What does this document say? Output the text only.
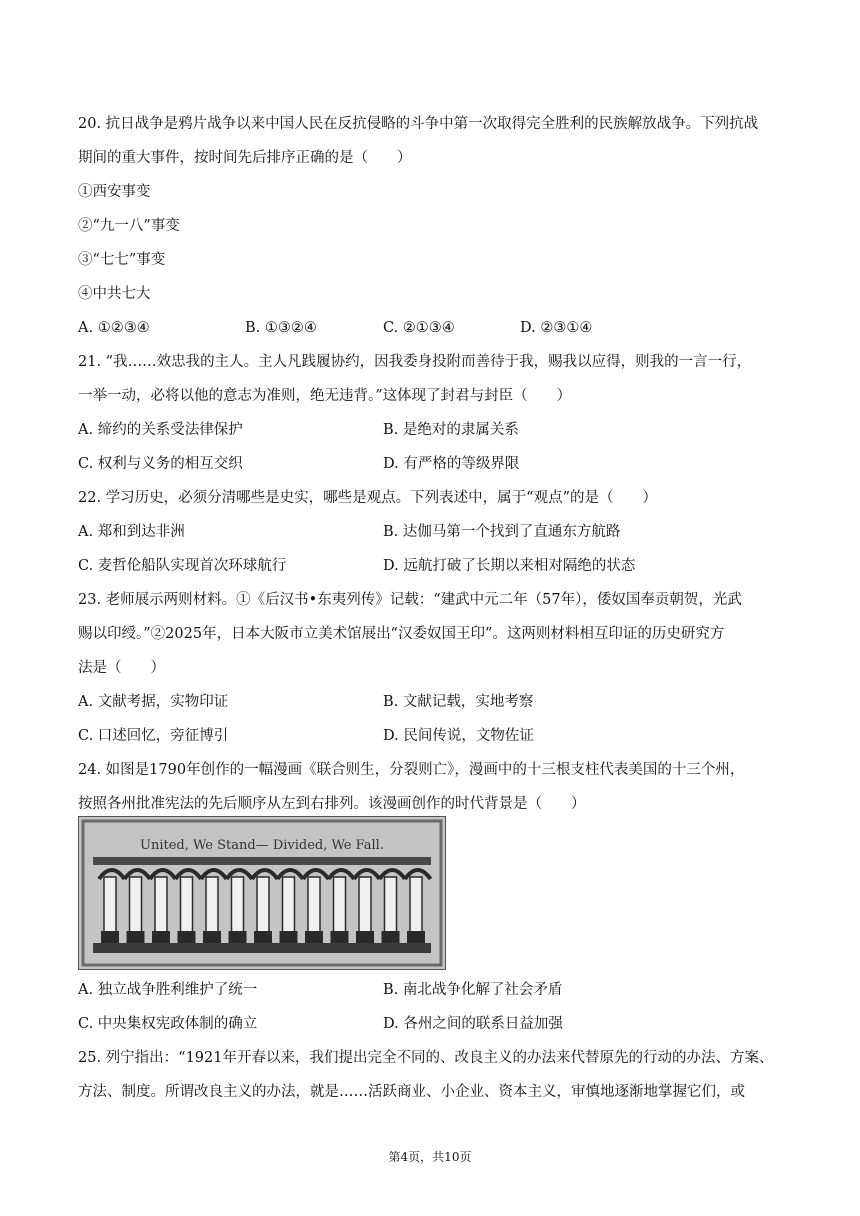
20. 抗日战争是鸦片战争以来中国人民在反抗侵略的斗争中第一次取得完全胜利的民族解放战争。下列抗战
期间的重大事件，按时间先后排序正确的是（　　）
①西安事变
②“九一八”事变
③“七七”事变
④中共七大
A. ①②③④	B. ①③②④	C. ②①③④	D. ②③①④
21. “我……效忠我的主人。主人凡践履协约，因我委身投附而善待于我，赐我以应得，则我的一言一行，
一举一动，必将以他的意志为准则，绝无违背。”这体现了封君与封臣（　　）
A. 缔约的关系受法律保护	B. 是绝对的隶属关系
C. 权利与义务的相互交织	D. 有严格的等级界限
22. 学习历史，必须分清哪些是史实，哪些是观点。下列表述中，属于“观点”的是（　　）
A. 郑和到达非洲	B. 达伽马第一个找到了直通东方航路
C. 麦哲伦船队实现首次环球航行	D. 远航打破了长期以来相对隔绝的状态
23. 老师展示两则材料。①《后汉书•东夷列传》记载：“建武中元二年（57年），倭奴国奉贡朝贺，光武
赐以印绶。”②2025年，日本大阪市立美术馆展出“汉委奴国王印”。这两则材料相互印证的历史研究方
法是（　　）
A. 文献考据，实物印证	B. 文献记载，实地考察
C. 口述回忆，旁征博引	D. 民间传说，文物佐证
24. 如图是1790年创作的一幅漫画《联合则生，分裂则亡》，漫画中的十三根支柱代表美国的十三个州，
按照各州批准宪法的先后顺序从左到右排列。该漫画创作的时代背景是（　　）
United, We Stand— Divided, We Fall.
A. 独立战争胜利维护了统一	B. 南北战争化解了社会矛盾
C. 中央集权宪政体制的确立	D. 各州之间的联系日益加强
25. 列宁指出：“1921年开春以来，我们提出完全不同的、改良主义的办法来代替原先的行动的办法、方案、
方法、制度。所谓改良主义的办法，就是……活跃商业、小企业、资本主义，审慎地逐渐地掌握它们，或
第4页，共10页
